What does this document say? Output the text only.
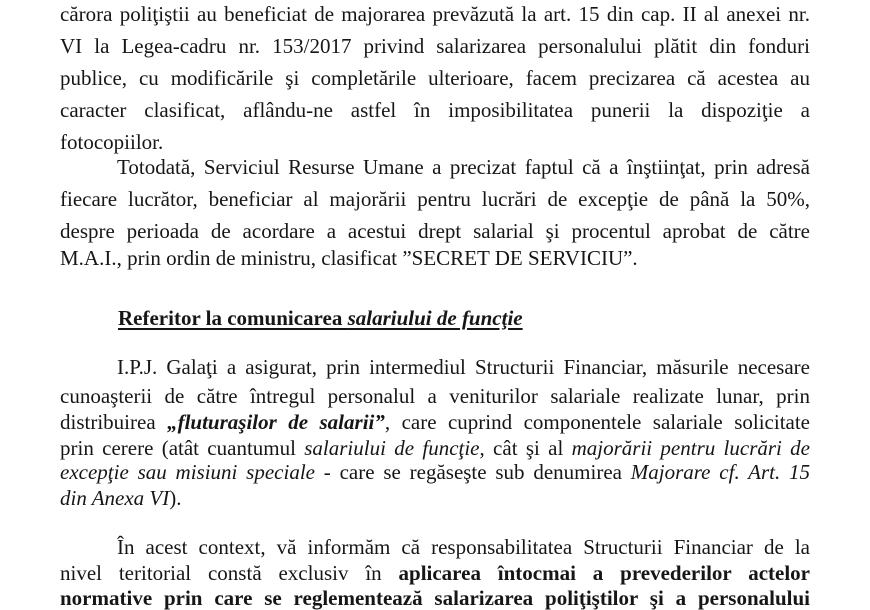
cărora poliţiştii au beneficiat de majorarea prevăzută la art. 15 din cap. II al anexei nr.
VI la Legea-cadru nr. 153/2017 privind salarizarea personalului plătit din fonduri
publice, cu modificările şi completările ulterioare, facem precizarea că acestea au
caracter clasificat, aflându-ne astfel în imposibilitatea punerii la dispoziţie a
fotocopiilor.
Totodată, Serviciul Resurse Umane a precizat faptul că a înştiinţat, prin adresă
fiecare lucrător, beneficiar al majorării pentru lucrări de excepţie de până la 50%,
despre perioada de acordare a acestui drept salarial şi procentul aprobat de către
M.A.I., prin ordin de ministru, clasificat ”SECRET DE SERVICIU”.
Referitor la comunicarea salariului de funcţie
I.P.J. Galaţi a asigurat, prin intermediul Structurii Financiar, măsurile necesare
cunoaşterii de către întregul personalul a veniturilor salariale realizate lunar, prin
distribuirea „fluturaşilor de salarii”, care cuprind componentele salariale solicitate
prin cerere (atât cuantumul salariului de funcţie, cât şi al majorării pentru lucrări de
excepţie sau misiuni speciale - care se regăseşte sub denumirea Majorare cf. Art. 15
din Anexa VI).
În acest context, vă informăm că responsabilitatea Structurii Financiar de la
nivel teritorial constă exclusiv în aplicarea întocmai a prevederilor actelor
normative prin care se reglementează salarizarea poliţiştilor şi a personalului
